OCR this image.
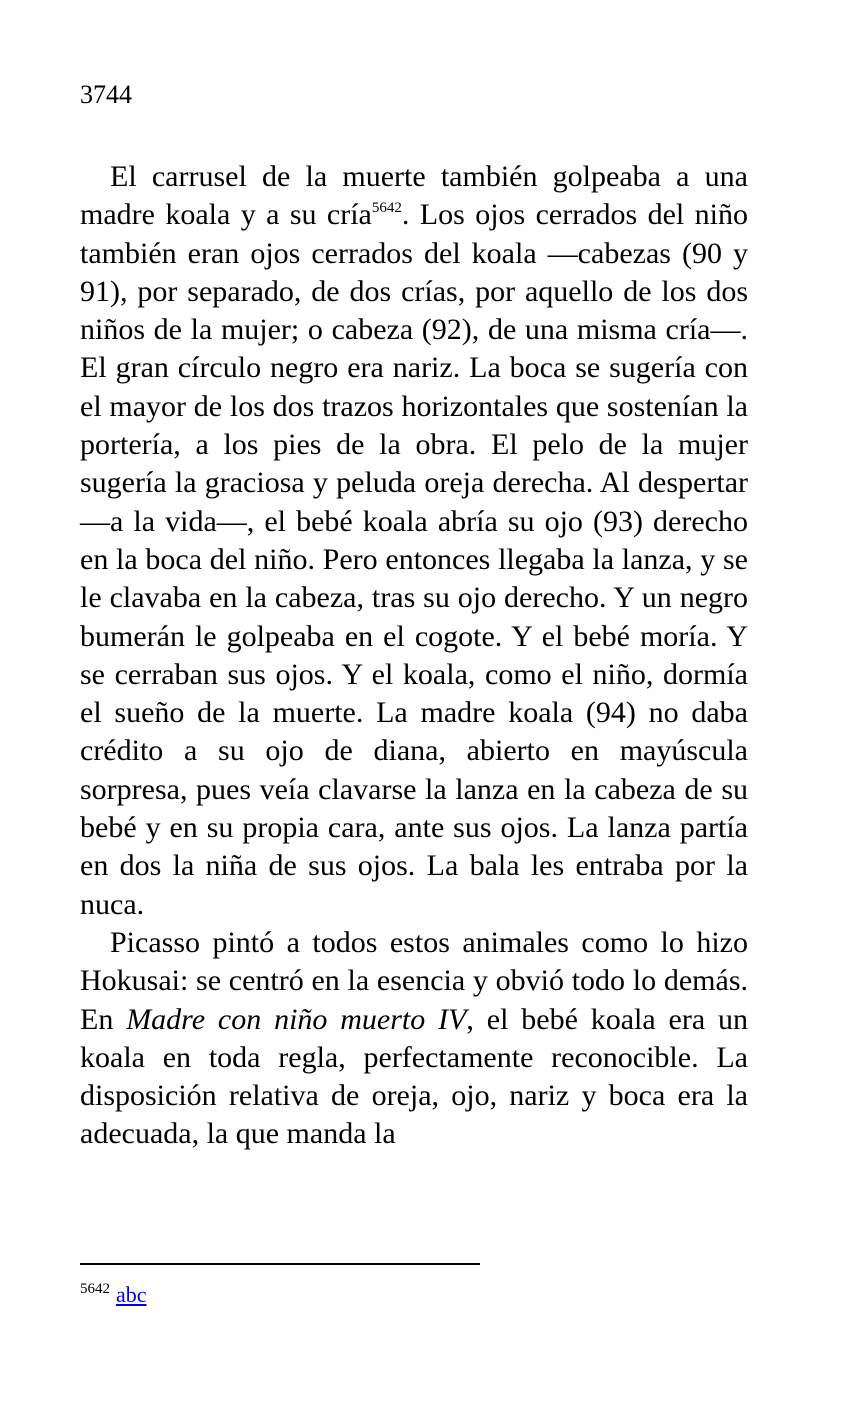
3744

El carrusel de la muerte también golpeaba a una madre koala y a su cría$^{5642}$. Los ojos cerrados del niño también eran ojos cerrados del koala ―cabezas (90 y 91), por separado, de dos crías, por aquello de los dos niños de la mujer; o cabeza (92), de una misma cría―. El gran círculo negro era nariz. La boca se sugería con el mayor de los dos trazos horizontales que sostenían la portería, a los pies de la obra. El pelo de la mujer sugería la graciosa y peluda oreja derecha. Al despertar ―a la vida―, el bebé koala abría su ojo (93) derecho en la boca del niño. Pero entonces llegaba la lanza, y se le clavaba en la cabeza, tras su ojo derecho. Y un negro bumerán le golpeaba en el cogote. Y el bebé moría. Y se cerraban sus ojos. Y el koala, como el niño, dormía el sueño de la muerte. La madre koala (94) no daba crédito a su ojo de diana, abierto en mayúscula sorpresa, pues veía clavarse la lanza en la cabeza de su bebé y en su propia cara, ante sus ojos. La lanza partía en dos la niña de sus ojos. La bala les entraba por la nuca.

Picasso pintó a todos estos animales como lo hizo Hokusai: se centró en la esencia y obvió todo lo demás. En Madre con niño muerto IV, el bebé koala era un koala en toda regla, perfectamente reconocible. La disposición relativa de oreja, ojo, nariz y boca era la adecuada, la que manda la

$^{5642}$ abc
